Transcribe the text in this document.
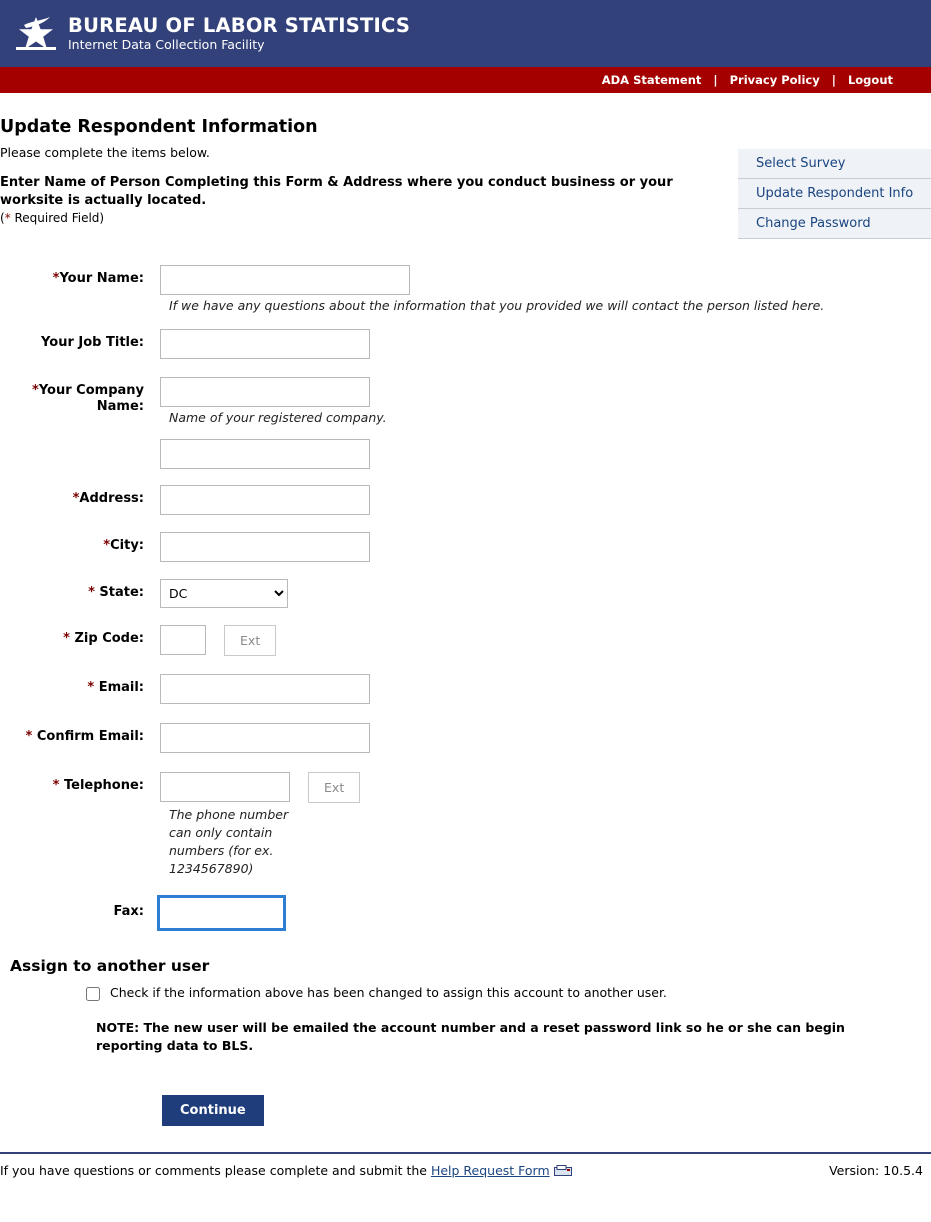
BUREAU OF LABOR STATISTICS
Internet Data Collection Facility
ADA Statement	|	Privacy Policy	|	Logout
Select Survey
Update Respondent Info
Change Password
Update Respondent Information

Please complete the items below.

Enter Name of Person Completing this Form & Address where you conduct business or your worksite is actually located.

(* Required Field)

*Your Name:
If we have any questions about the information that you provided we will contact the person listed here.
Your Job Title:
*Your Company
Name:
Name of your registered company.

*Address:
*City:
* State:
DC
* Zip Code:	Ext
* Email:
* Confirm Email:
* Telephone:	Ext
The phone number can only contain numbers (for ex. 1234567890)
Fax:
Assign to another user
Check if the information above has been changed to assign this account to another user.
NOTE: The new user will be emailed the account number and a reset password link so he or she can begin reporting data to BLS.
Continue
If you have questions or comments please complete and submit the Help Request Form	Version: 10.5.4
